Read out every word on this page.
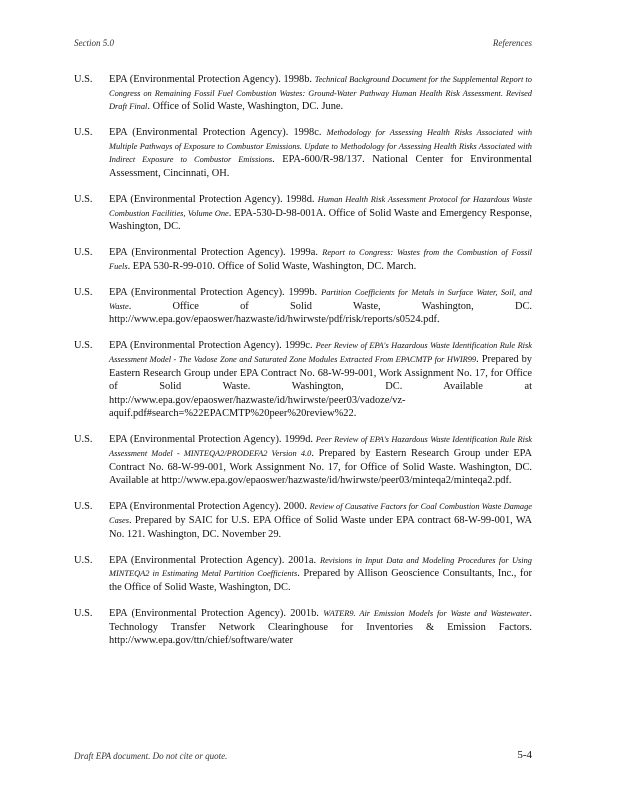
Section 5.0	References
U.S. EPA (Environmental Protection Agency). 1998b. Technical Background Document for the Supplemental Report to Congress on Remaining Fossil Fuel Combustion Wastes: Ground-Water Pathway Human Health Risk Assessment. Revised Draft Final. Office of Solid Waste, Washington, DC. June.
U.S. EPA (Environmental Protection Agency). 1998c. Methodology for Assessing Health Risks Associated with Multiple Pathways of Exposure to Combustor Emissions. Update to Methodology for Assessing Health Risks Associated with Indirect Exposure to Combustor Emissions. EPA-600/R-98/137. National Center for Environmental Assessment, Cincinnati, OH.
U.S. EPA (Environmental Protection Agency). 1998d. Human Health Risk Assessment Protocol for Hazardous Waste Combustion Facilities, Volume One. EPA-530-D-98-001A. Office of Solid Waste and Emergency Response, Washington, DC.
U.S. EPA (Environmental Protection Agency). 1999a. Report to Congress: Wastes from the Combustion of Fossil Fuels. EPA 530-R-99-010. Office of Solid Waste, Washington, DC. March.
U.S. EPA (Environmental Protection Agency). 1999b. Partition Coefficients for Metals in Surface Water, Soil, and Waste. Office of Solid Waste, Washington, DC. http://www.epa.gov/epaoswer/hazwaste/id/hwirwste/pdf/risk/reports/s0524.pdf.
U.S. EPA (Environmental Protection Agency). 1999c. Peer Review of EPA's Hazardous Waste Identification Rule Risk Assessment Model - The Vadose Zone and Saturated Zone Modules Extracted From EPACMTP for HWIR99. Prepared by Eastern Research Group under EPA Contract No. 68-W-99-001, Work Assignment No. 17, for Office of Solid Waste. Washington, DC. Available at http://www.epa.gov/epaoswer/hazwaste/id/hwirwste/peer03/vadoze/vz-aquif.pdf#search=%22EPACMTP%20peer%20review%22.
U.S. EPA (Environmental Protection Agency). 1999d. Peer Review of EPA's Hazardous Waste Identification Rule Risk Assessment Model - MINTEQA2/PRODEFA2 Version 4.0. Prepared by Eastern Research Group under EPA Contract No. 68-W-99-001, Work Assignment No. 17, for Office of Solid Waste. Washington, DC. Available at http://www.epa.gov/epaoswer/hazwaste/id/hwirwste/peer03/minteqa2/minteqa2.pdf.
U.S. EPA (Environmental Protection Agency). 2000. Review of Causative Factors for Coal Combustion Waste Damage Cases. Prepared by SAIC for U.S. EPA Office of Solid Waste under EPA contract 68-W-99-001, WA No. 121. Washington, DC. November 29.
U.S. EPA (Environmental Protection Agency). 2001a. Revisions in Input Data and Modeling Procedures for Using MINTEQA2 in Estimating Metal Partition Coefficients. Prepared by Allison Geoscience Consultants, Inc., for the Office of Solid Waste, Washington, DC.
U.S. EPA (Environmental Protection Agency). 2001b. WATER9. Air Emission Models for Waste and Wastewater. Technology Transfer Network Clearinghouse for Inventories & Emission Factors. http://www.epa.gov/ttn/chief/software/water
Draft EPA document. Do not cite or quote.	5-4
